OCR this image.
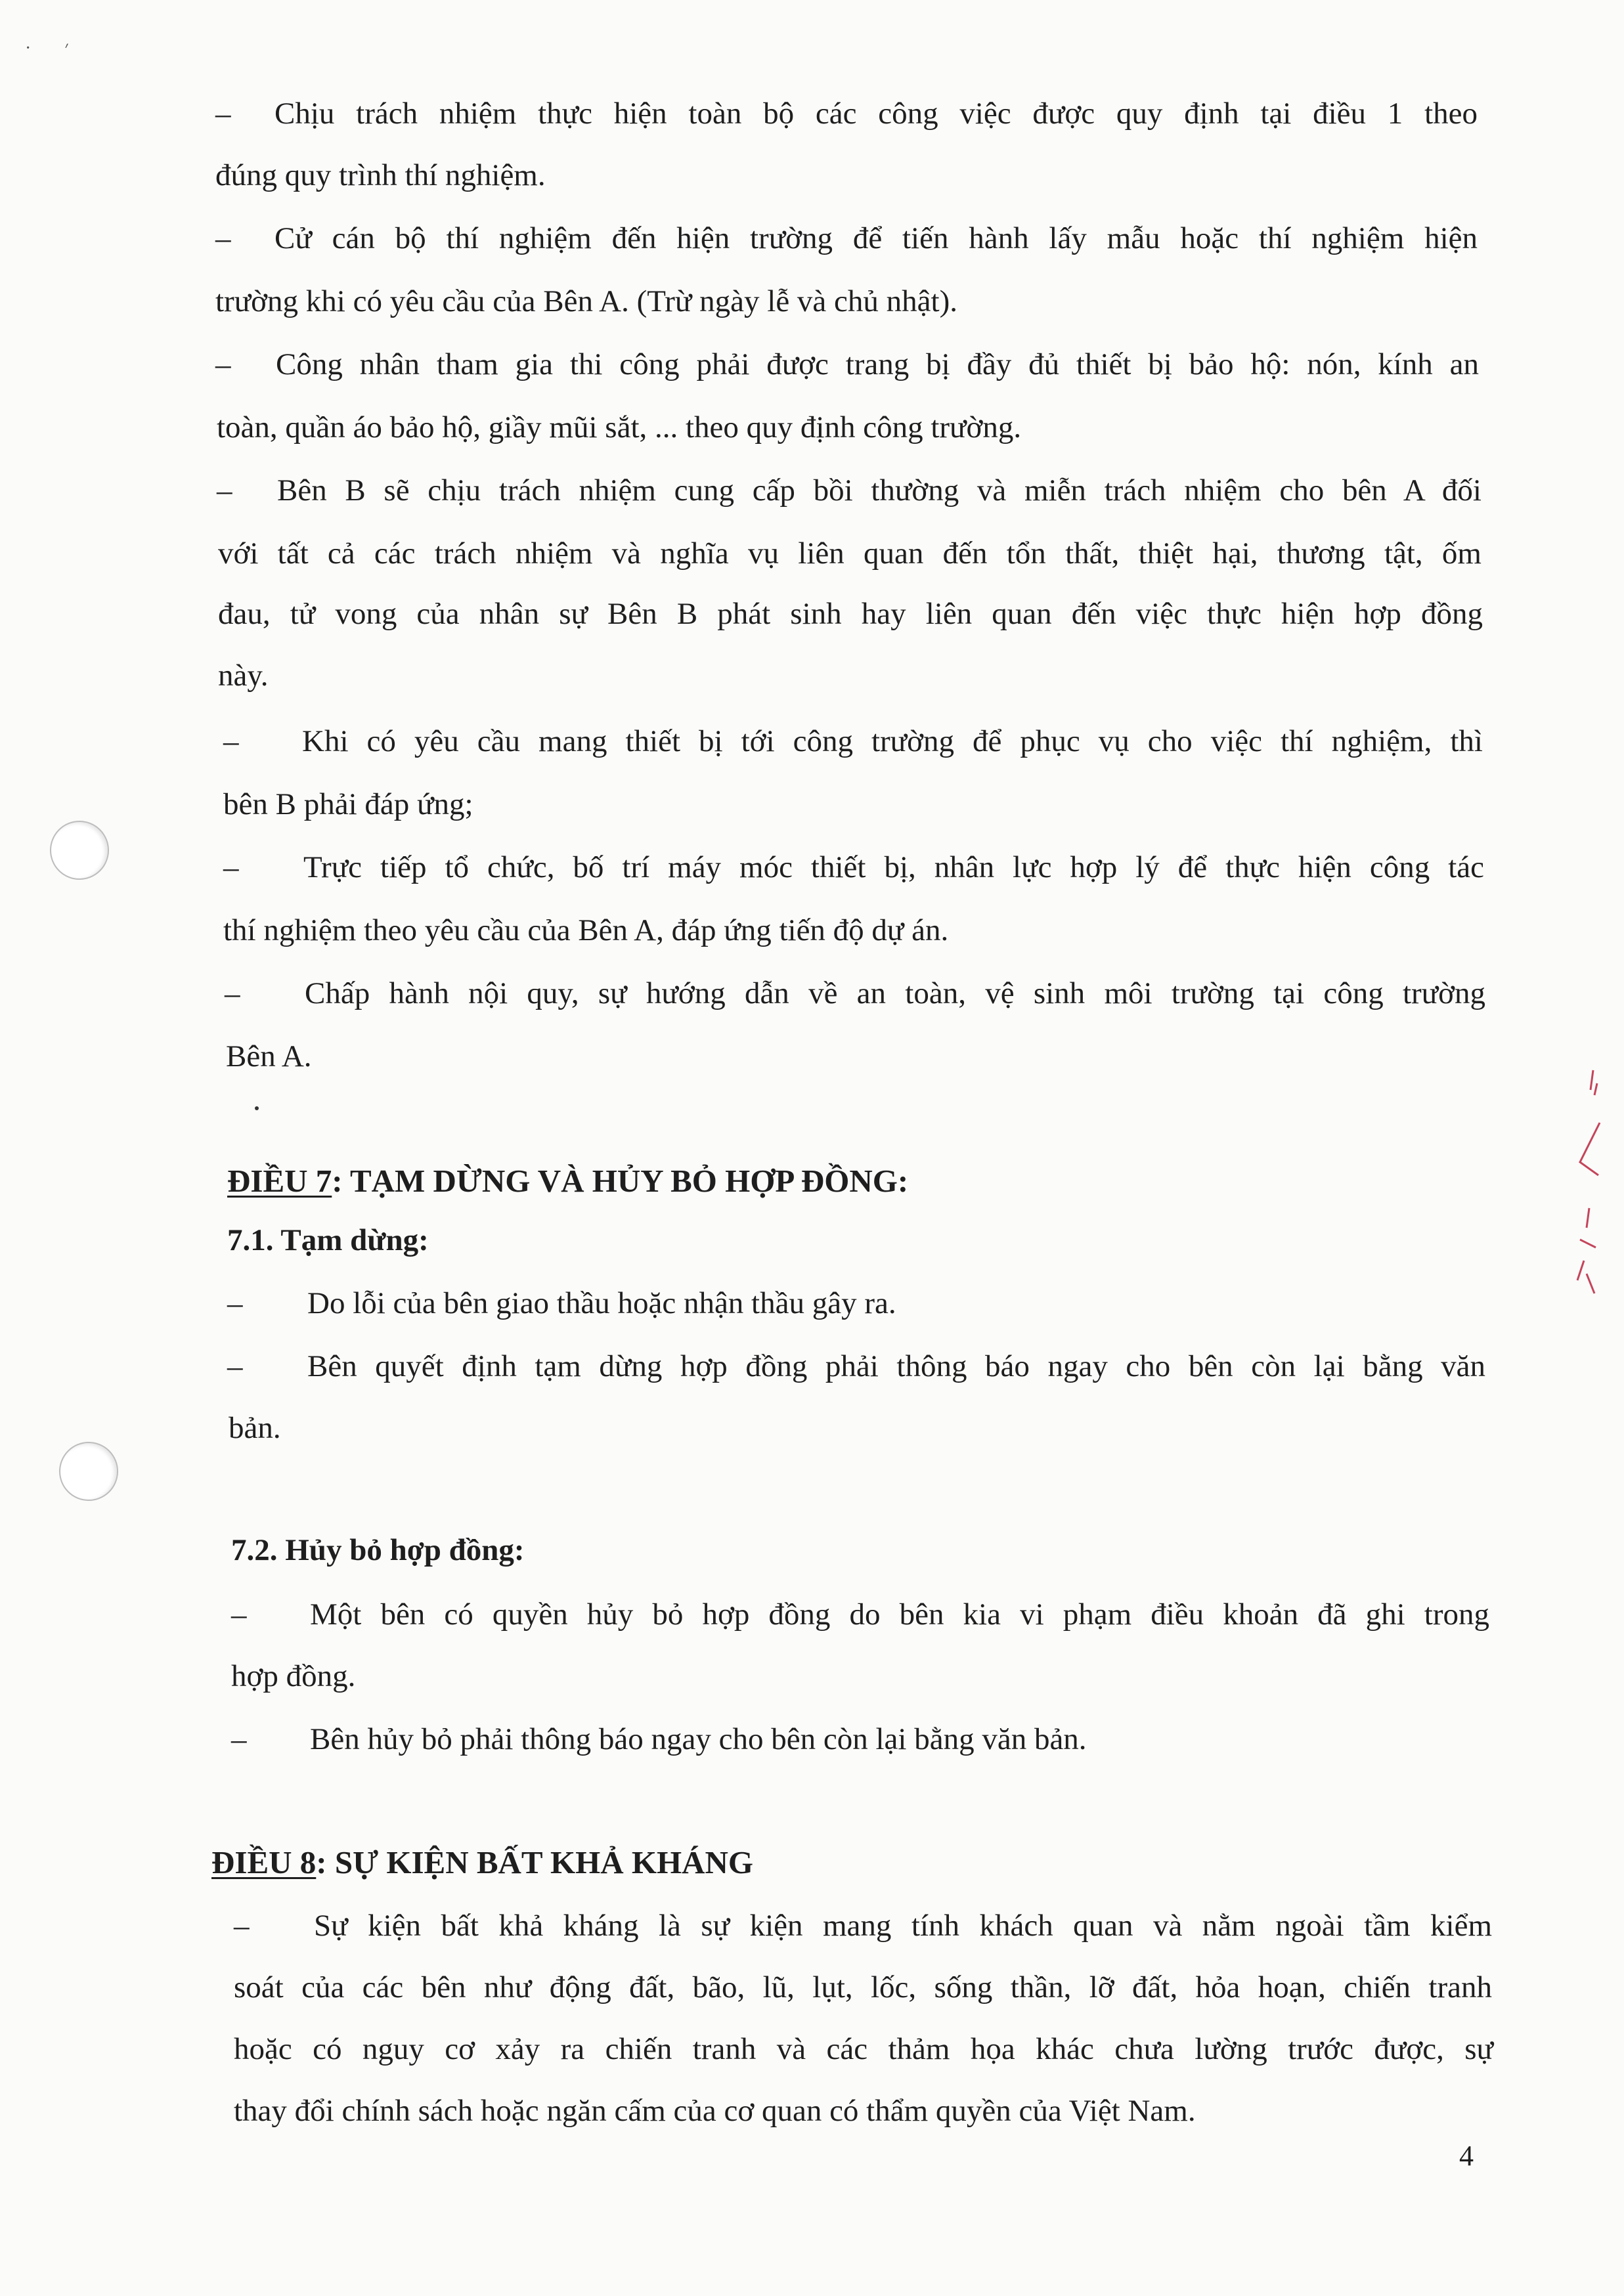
· ׳
– Chịu trách nhiệm thực hiện toàn bộ các công việc được quy định tại điều 1 theo
đúng quy trình thí nghiệm.
– Cử cán bộ thí nghiệm đến hiện trường để tiến hành lấy mẫu hoặc thí nghiệm hiện
trường khi có yêu cầu của Bên A. (Trừ ngày lễ và chủ nhật).
– Công nhân tham gia thi công phải được trang bị đầy đủ thiết bị bảo hộ: nón, kính an
toàn, quần áo bảo hộ, giầy mũi sắt, ... theo quy định công trường.
– Bên B sẽ chịu trách nhiệm cung cấp bồi thường và miễn trách nhiệm cho bên A đối
với tất cả các trách nhiệm và nghĩa vụ liên quan đến tổn thất, thiệt hại, thương tật, ốm
đau, tử vong của nhân sự Bên B phát sinh hay liên quan đến việc thực hiện hợp đồng
này.
– Khi có yêu cầu mang thiết bị tới công trường để phục vụ cho việc thí nghiệm, thì
bên B phải đáp ứng;
– Trực tiếp tổ chức, bố trí máy móc thiết bị, nhân lực hợp lý để thực hiện công tác
thí nghiệm theo yêu cầu của Bên A, đáp ứng tiến độ dự án.
– Chấp hành nội quy, sự hướng dẫn về an toàn, vệ sinh môi trường tại công trường
Bên A.
ĐIỀU 7: TẠM DỪNG VÀ HỦY BỎ HỢP ĐỒNG:
7.1. Tạm dừng:
– Do lỗi của bên giao thầu hoặc nhận thầu gây ra.
– Bên quyết định tạm dừng hợp đồng phải thông báo ngay cho bên còn lại bằng văn
bản.
7.2. Hủy bỏ hợp đồng:
– Một bên có quyền hủy bỏ hợp đồng do bên kia vi phạm điều khoản đã ghi trong
hợp đồng.
– Bên hủy bỏ phải thông báo ngay cho bên còn lại bằng văn bản.
ĐIỀU 8: SỰ KIỆN BẤT KHẢ KHÁNG
– Sự kiện bất khả kháng là sự kiện mang tính khách quan và nằm ngoài tầm kiểm
soát của các bên như động đất, bão, lũ, lụt, lốc, sống thần, lỡ đất, hỏa hoạn, chiến tranh
hoặc có nguy cơ xảy ra chiến tranh và các thảm họa khác chưa lường trước được, sự
thay đổi chính sách hoặc ngăn cấm của cơ quan có thẩm quyền của Việt Nam.
4
